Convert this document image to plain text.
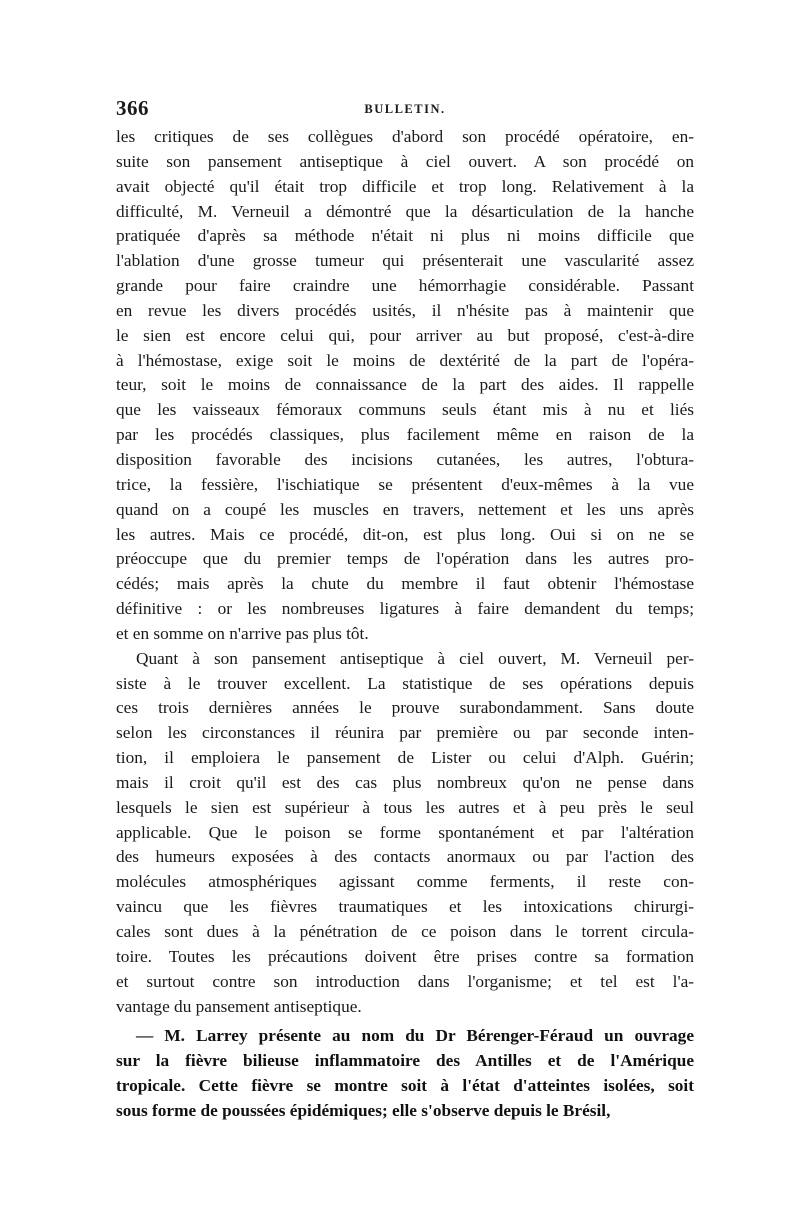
366	BULLETIN.
les critiques de ses collègues d'abord son procédé opératoire, en-
suite son pansement antiseptique à ciel ouvert. A son procédé on
avait objecté qu'il était trop difficile et trop long. Relativement à la
difficulté, M. Verneuil a démontré que la désarticulation de la hanche
pratiquée d'après sa méthode n'était ni plus ni moins difficile que
l'ablation d'une grosse tumeur qui présenterait une vascularité assez
grande pour faire craindre une hémorrhagie considérable. Passant
en revue les divers procédés usités, il n'hésite pas à maintenir que
le sien est encore celui qui, pour arriver au but proposé, c'est-à-dire
à l'hémostase, exige soit le moins de dextérité de la part de l'opéra-
teur, soit le moins de connaissance de la part des aides. Il rappelle
que les vaisseaux fémoraux communs seuls étant mis à nu et liés
par les procédés classiques, plus facilement même en raison de la
disposition favorable des incisions cutanées, les autres, l'obtura-
trice, la fessière, l'ischiatique se présentent d'eux-mêmes à la vue
quand on a coupé les muscles en travers, nettement et les uns après
les autres. Mais ce procédé, dit-on, est plus long. Oui si on ne se
préoccupe que du premier temps de l'opération dans les autres pro-
cédés; mais après la chute du membre il faut obtenir l'hémostase
définitive : or les nombreuses ligatures à faire demandent du temps;
et en somme on n'arrive pas plus tôt.
Quant à son pansement antiseptique à ciel ouvert, M. Verneuil per-
siste à le trouver excellent. La statistique de ses opérations depuis
ces trois dernières années le prouve surabondamment. Sans doute
selon les circonstances il réunira par première ou par seconde inten-
tion, il emploiera le pansement de Lister ou celui d'Alph. Guérin;
mais il croit qu'il est des cas plus nombreux qu'on ne pense dans
lesquels le sien est supérieur à tous les autres et à peu près le seul
applicable. Que le poison se forme spontanément et par l'altération
des humeurs exposées à des contacts anormaux ou par l'action des
molécules atmosphériques agissant comme ferments, il reste con-
vaincu que les fièvres traumatiques et les intoxications chirurgi-
cales sont dues à la pénétration de ce poison dans le torrent circula-
toire. Toutes les précautions doivent être prises contre sa formation
et surtout contre son introduction dans l'organisme; et tel est l'a-
vantage du pansement antiseptique.
— M. Larrey présente au nom du Dr Bérenger-Féraud un ouvrage
sur la fièvre bilieuse inflammatoire des Antilles et de l'Amérique
tropicale. Cette fièvre se montre soit à l'état d'atteintes isolées, soit
sous forme de poussées épidémiques; elle s'observe depuis le Brésil,
